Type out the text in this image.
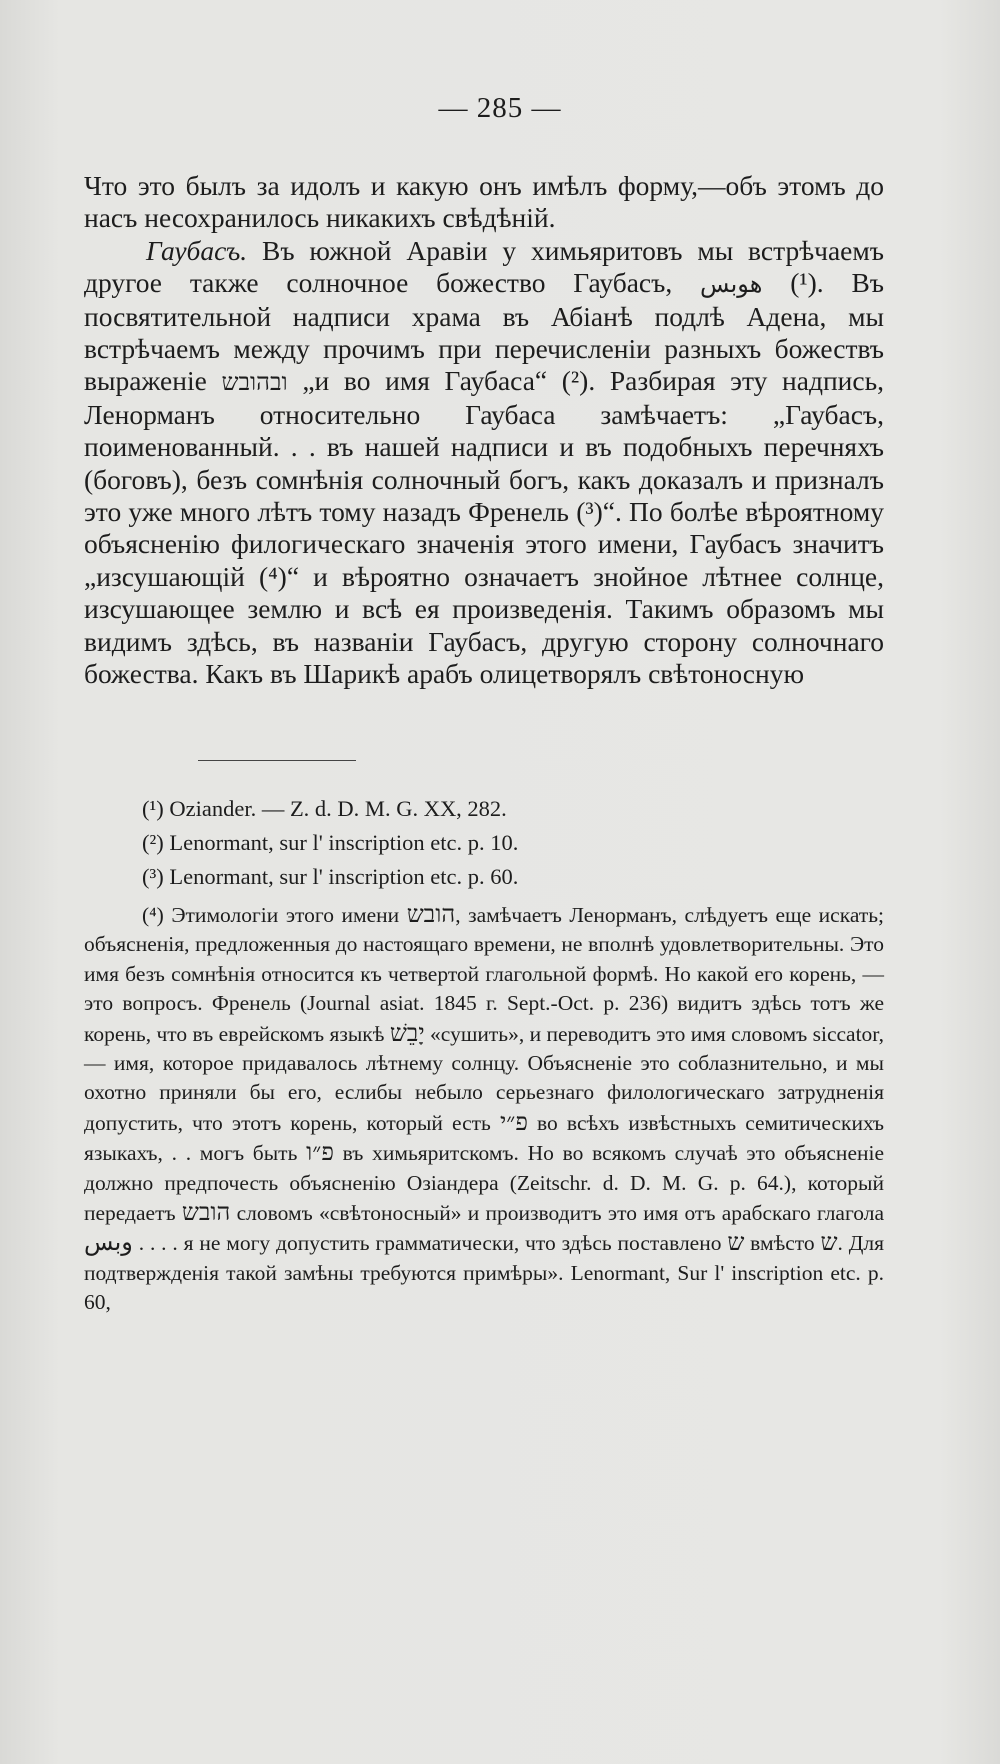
— 285 —

Что это былъ за идолъ и какую онъ имѣлъ форму,—объ этомъ до насъ несохранилось никакихъ свѣдѣній.

Гаубасъ. Въ южной Аравіи у химьяритовъ мы встрѣчаемъ другое также солночное божество Гаубасъ, هوبس (¹). Въ посвятительной надписи храма въ Абіанѣ подлѣ Адена, мы встрѣчаемъ между прочимъ при перечисленіи разныхъ божествъ выраженіе ובהובש „и во имя Гаубаса“ (²). Разбирая эту надпись, Ленорманъ относительно Гаубаса замѣчаетъ: „Гаубасъ, поименованный. . . въ нашей надписи и въ подобныхъ перечняхъ (боговъ), безъ сомнѣнія солночный богъ, какъ доказалъ и призналъ это уже много лѣтъ тому назадъ Френель (³)“. По болѣе вѣроятному объясненію филогическаго значенія этого имени, Гаубасъ значитъ „изсушающій (⁴)“ и вѣроятно означаетъ знойное лѣтнее солнце, изсушающее землю и всѣ ея произведенія. Такимъ образомъ мы видимъ здѣсь, въ названіи Гаубасъ, другую сторону солночнаго божества. Какъ въ Шарикѣ арабъ олицетворялъ свѣтоносную

(¹) Oziander. — Z. d. D. M. G. XX, 282.
(²) Lenormant, sur l' inscription etc. p. 10.
(³) Lenormant, sur l' inscription etc. p. 60.
(⁴) Этимологіи этого имени הובש, замѣчаетъ Ленорманъ, слѣдуетъ еще искать; объясненія, предложенныя до настоящаго времени, не вполнѣ удовлетворительны. Это имя безъ сомнѣнія относится къ четвертой глагольной формѣ. Но какой его корень, — это вопросъ. Френель (Journal asiat. 1845 г. Sept.-Oct. p. 236) видитъ здѣсь тотъ же корень, что въ еврейскомъ языкѣ יָבֵשׁ «сушить», и переводитъ это имя словомъ siccator, — имя, которое придавалось лѣтнему солнцу. Объясненіе это соблазнительно, и мы охотно приняли бы его, еслибы небыло серьезнаго филологическаго затрудненія допустить, что этотъ корень, который есть פ״י во всѣхъ извѣстныхъ семитическихъ языкахъ, . . могъ быть פ״ו въ химьяритскомъ. Но во всякомъ случаѣ это объясненіе должно предпочесть объясненію Озіандера (Zeitschr. d. D. M. G. p. 64.), который передаетъ הובש словомъ «свѣтоносный» и производитъ это имя отъ арабскаго глагола وبس . . . . я не могу допустить грамматически, что здѣсь поставлено ש вмѣсто ש. Для подтвержденія такой замѣны требуются примѣры». Lenormant, Sur l' inscription etc. p. 60,
